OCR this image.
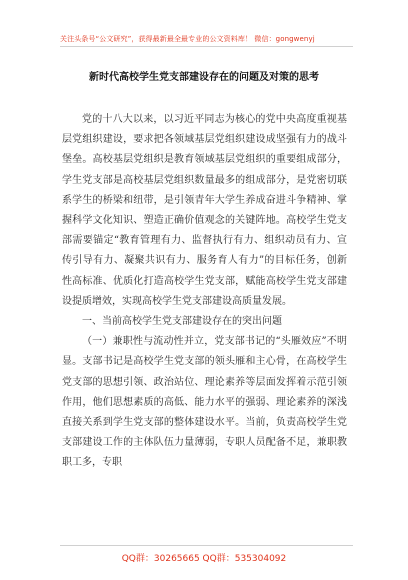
关注头条号“公文研究”，获得最新最全最专业的公文资料库！ 微信：gongwenyj
新时代高校学生党支部建设存在的问题及对策的思考

党的十八大以来，以习近平同志为核心的党中央高度重视基层党组织建设，要求把各领域基层党组织建设成坚强有力的战斗堡垒。高校基层党组织是教育领域基层党组织的重要组成部分，学生党支部是高校基层党组织数量最多的组成部分，是党密切联系学生的桥梁和纽带，是引领青年大学生养成奋进斗争精神、掌握科学文化知识、塑造正确价值观念的关键阵地。高校学生党支部需要锚定“教育管理有力、监督执行有力、组织动员有力、宣传引导有力、凝聚共识有力、服务育人有力”的目标任务，创新性高标准、优质化打造高校学生党支部，赋能高校学生党支部建设提质增效，实现高校学生党支部建设高质量发展。

一、当前高校学生党支部建设存在的突出问题

（一）兼职性与流动性并立，党支部书记的“头雁效应”不明显。支部书记是高校学生党支部的领头雁和主心骨，在高校学生党支部的思想引领、政治站位、理论素养等层面发挥着示范引领作用，他们思想素质的高低、能力水平的强弱、理论素养的深浅直接关系到学生党支部的整体建设水平。当前，负责高校学生党支部建设工作的主体队伍力量薄弱，专职人员配备不足，兼职教职工多，专职

QQ群：30265665 QQ群：535304092
